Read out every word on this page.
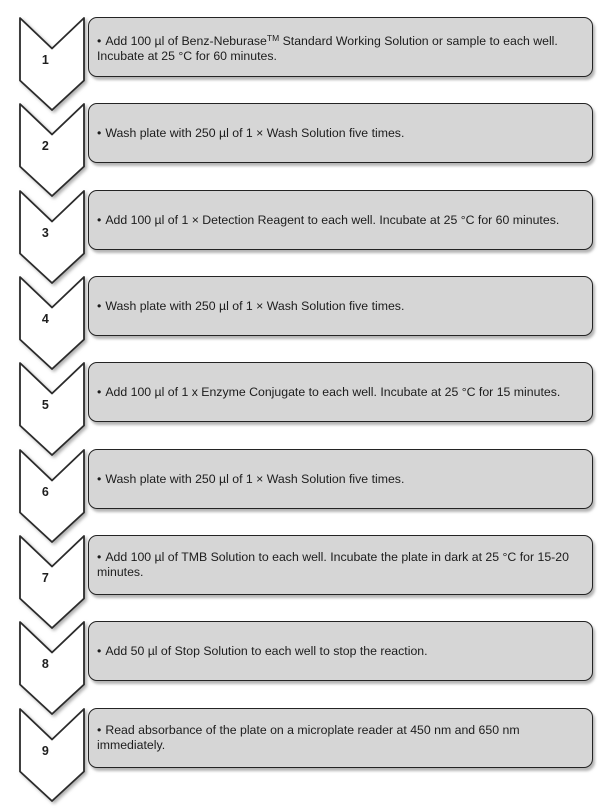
1
• Add 100 µl of Benz-Neburase™ Standard Working Solution or sample to each well. Incubate at 25 °C for 60 minutes.
2
• Wash plate with 250 µl of 1 × Wash Solution five times.
3
• Add 100 µl of 1 × Detection Reagent to each well. Incubate at 25 °C for 60 minutes.
4
• Wash plate with 250 µl of 1 × Wash Solution five times.
5
• Add 100 µl of 1 x Enzyme Conjugate to each well. Incubate at 25 °C for 15 minutes.
6
• Wash plate with 250 µl of 1 × Wash Solution five times.
7
• Add 100 µl of TMB Solution to each well. Incubate the plate in dark at 25 °C for 15-20 minutes.
8
• Add 50 µl of Stop Solution to each well to stop the reaction.
9
• Read absorbance of the plate on a microplate reader at 450 nm and 650 nm immediately.
